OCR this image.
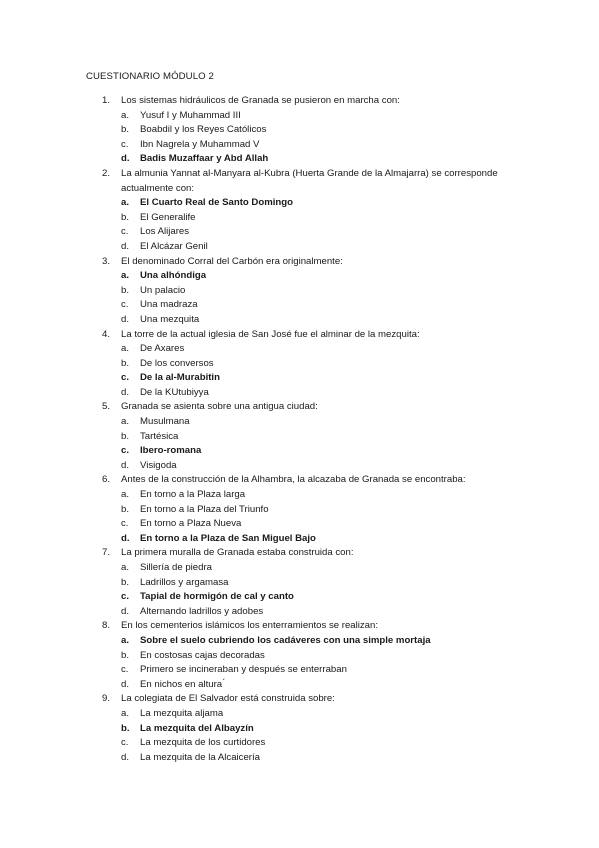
CUESTIONARIO MÓDULO 2
1. Los sistemas hidráulicos de Granada se pusieron en marcha con:
a. Yusuf I y Muhammad III
b. Boabdil y los Reyes Católicos
c. Ibn Nagrela y Muhammad V
d. Badis Muzaffaar y Abd Allah
2. La almunia Yannat al-Manyara al-Kubra (Huerta Grande de la Almajarra) se corresponde actualmente con:
a. El Cuarto Real de Santo Domingo
b. El Generalife
c. Los Alijares
d. El Alcázar Genil
3. El denominado Corral del Carbón era originalmente:
a. Una alhóndiga
b. Un palacio
c. Una madraza
d. Una mezquita
4. La torre de la actual iglesia de San José fue el alminar de la mezquita:
a. De Axares
b. De los conversos
c. De la al-Murabitin
d. De la KUtubiyya
5. Granada se asienta sobre una antigua ciudad:
a. Musulmana
b. Tartésica
c. Ibero-romana
d. Visigoda
6. Antes de la construcción de la Alhambra, la alcazaba de Granada se encontraba:
a. En torno a la Plaza larga
b. En torno a la Plaza del Triunfo
c. En torno a Plaza Nueva
d. En torno a la Plaza de San Miguel Bajo
7. La primera muralla de Granada estaba construida con:
a. Sillería de piedra
b. Ladrillos y argamasa
c. Tapial de hormigón de cal y canto
d. Alternando ladrillos y adobes
8. En los cementerios islámicos los enterramientos se realizan:
a. Sobre el suelo cubriendo los cadáveres con una simple mortaja
b. En costosas cajas decoradas
c. Primero se incineraban y después se enterraban
d. En nichos en altura ́
9. La colegiata de El Salvador está construida sobre:
a. La mezquita aljama
b. La mezquita del Albayzín
c. La mezquita de los curtidores
d. La mezquita de la Alcaicería
